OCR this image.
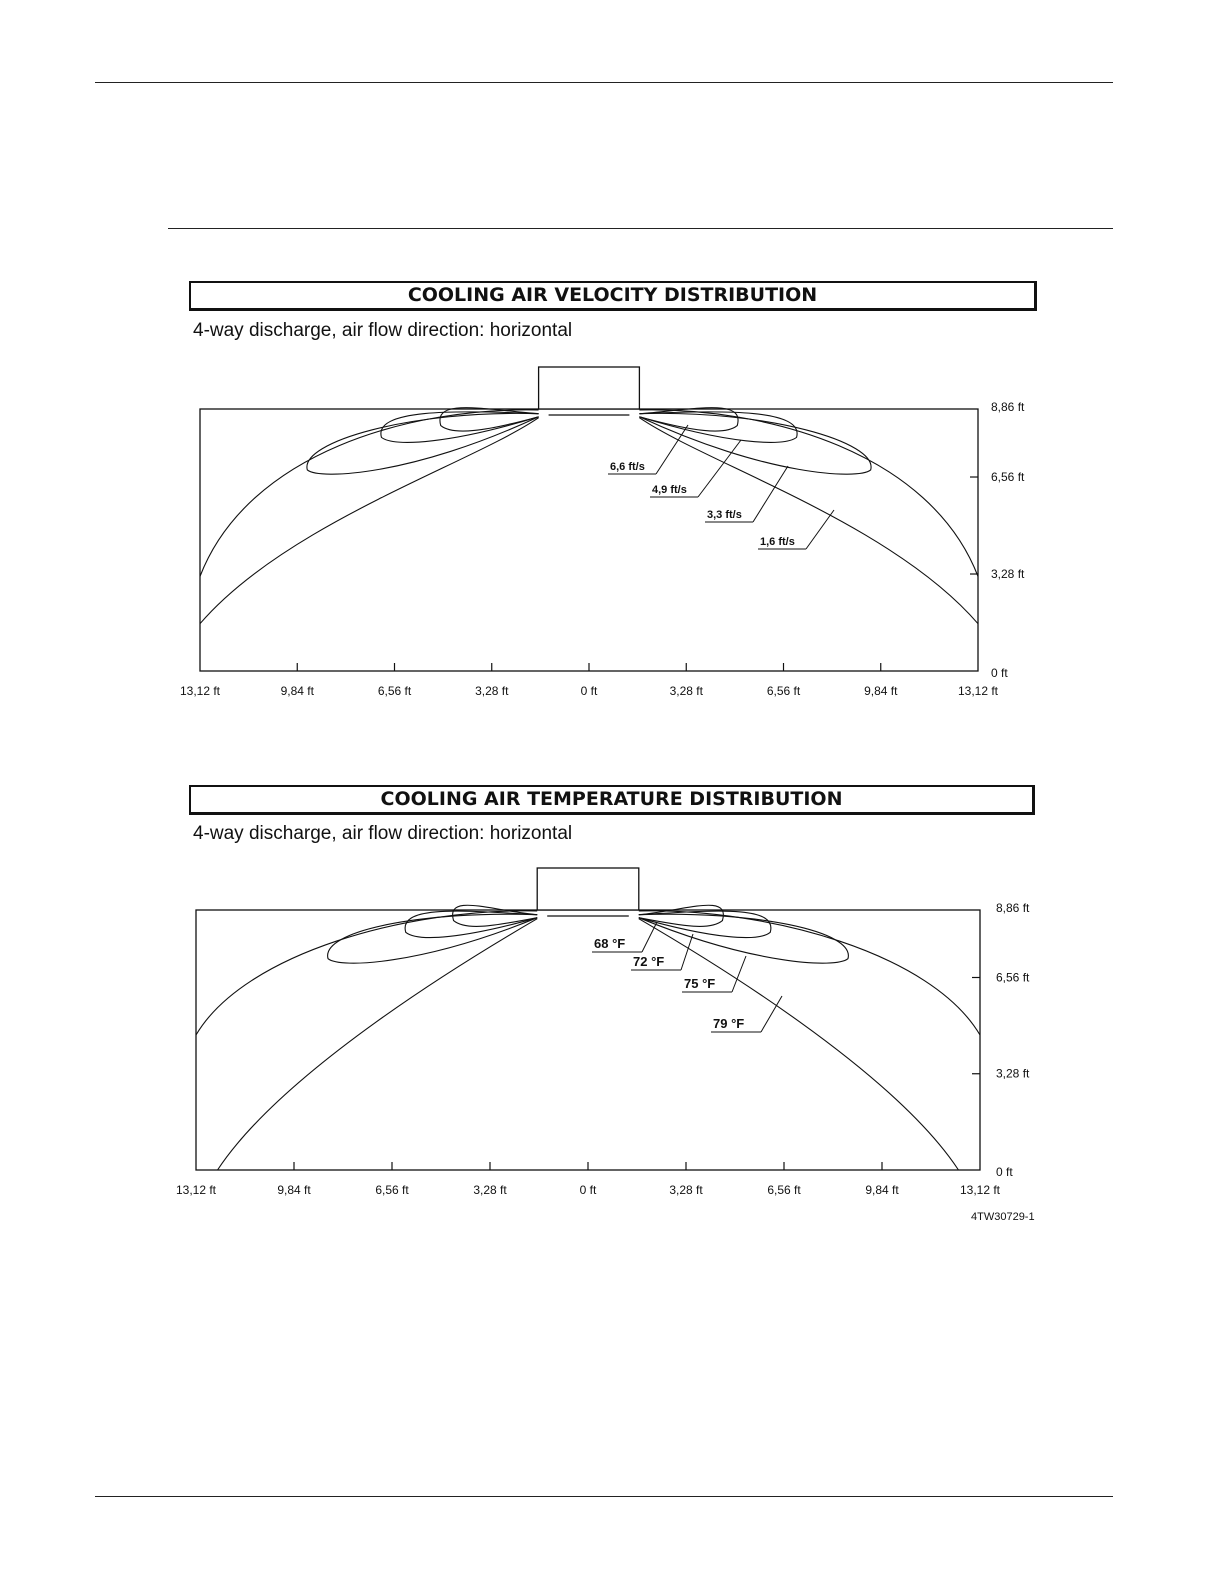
COOLING AIR VELOCITY DISTRIBUTION
4-way discharge, air flow direction: horizontal
13,12 ft	9,84 ft	6,56 ft	3,28 ft	0 ft	3,28 ft	6,56 ft	9,84 ft	13,12 ft
0 ft
3,28 ft
6,56 ft
8,86 ft
6,6 ft/s
4,9 ft/s
3,3 ft/s
1,6 ft/s
COOLING AIR TEMPERATURE DISTRIBUTION
4-way discharge, air flow direction: horizontal
13,12 ft	9,84 ft	6,56 ft	3,28 ft	0 ft	3,28 ft	6,56 ft	9,84 ft	13,12 ft
0 ft
3,28 ft
6,56 ft
8,86 ft
68 °F
72 °F
75 °F
79 °F
4TW30729-1
